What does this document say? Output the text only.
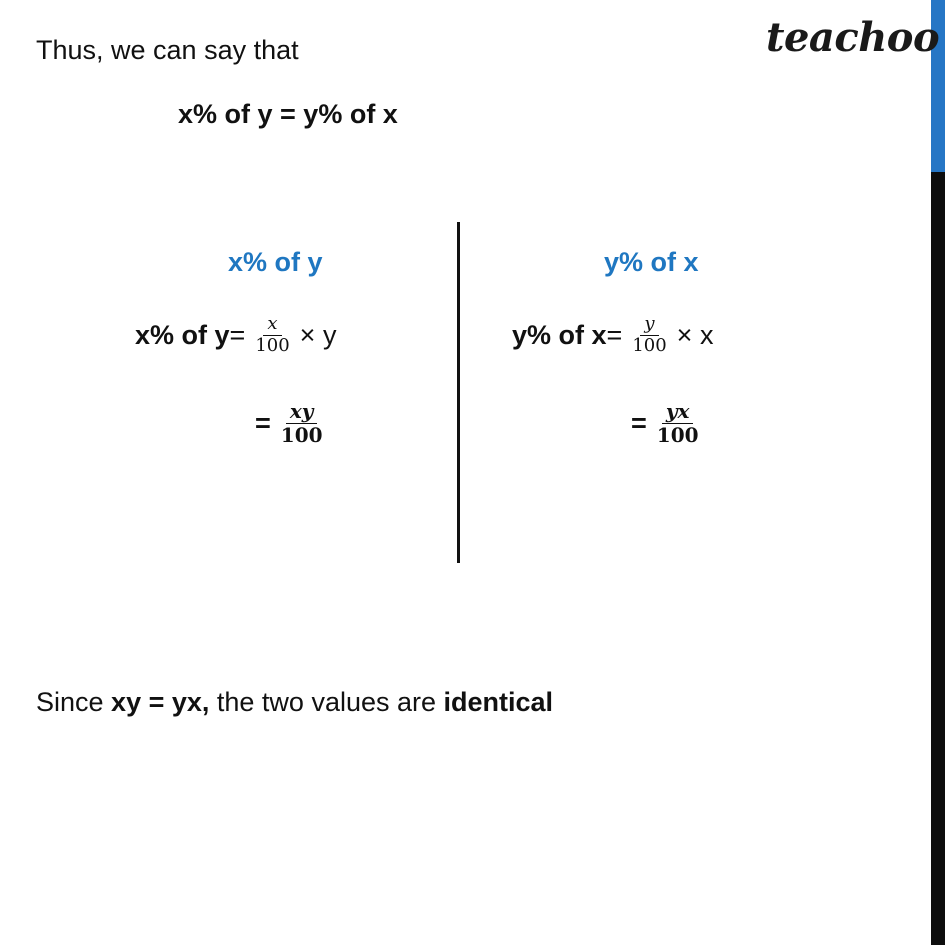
teachoo
Thus, we can say that
x% of y = y% of x
x% of y
x% of $y = \frac{x}{100} \times y$
= $\frac{xy}{100}$
y% of x
y% of $x = \frac{y}{100} \times x$
= $\frac{yx}{100}$
Since xy = yx, the two values are identical
